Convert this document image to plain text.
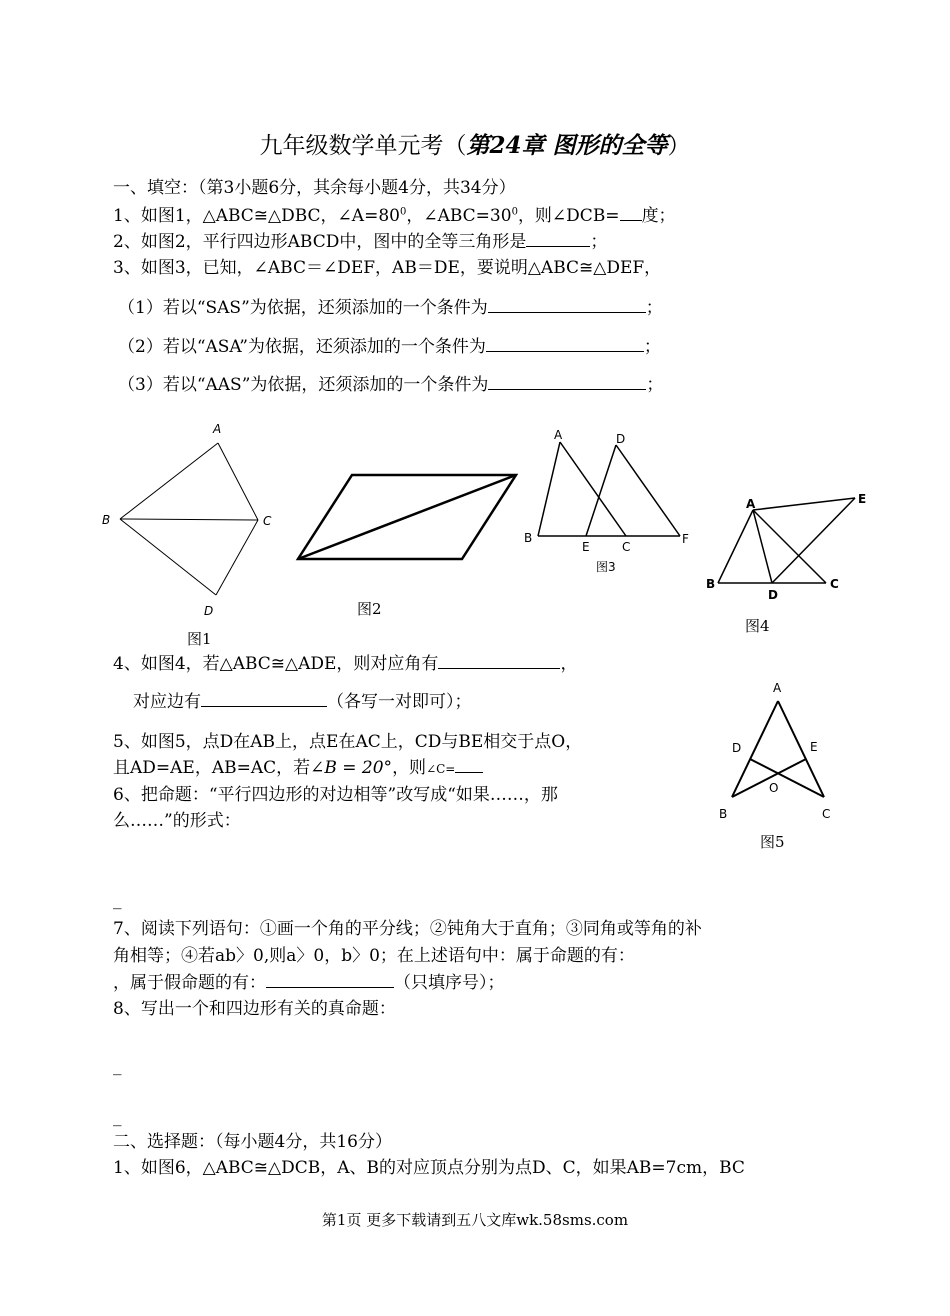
九年级数学单元考（第24章 图形的全等）
一、填空：（第3小题6分，其余每小题4分，共34分）
1、如图1，△ABC≅△DBC，$\angle A=80^0$，$\angle ABC=30^0$，则∠DCB= 度；
2、如图2，平行四边形ABCD中，图中的全等三角形是	；
3、如图3，已知，∠ABC＝∠DEF，AB＝DE，要说明△ABC≅△DEF，
（1）若以“SAS”为依据，还须添加的一个条件为	；
（2）若以“ASA”为依据，还须添加的一个条件为	；
（3）若以“AAS”为依据，还须添加的一个条件为	；
A
B	C
D
图1
图2
A	D
B
E	C
F
图3
A	E
B
D
C
图4
4、如图4，若△ABC≅△ADE，则对应角有	，
对应边有	（各写一对即可）；
A
D	E
O
B	C
图5
5、如图5，点D在AB上，点E在AC上，CD与BE相交于点O，
且AD=AE，AB=AC，若∠B = 20°，则∠C=
6、把命题：“平行四边形的对边相等”改写成“如果……，那
么……”的形式：
_
7、阅读下列语句：①画一个角的平分线；②钝角大于直角；③同角或等角的补
角相等；④若ab〉0,则a〉0，b〉0；在上述语句中：属于命题的有：
，属于假命题的有：	（只填序号）；
8、写出一个和四边形有关的真命题：
_
_
二、选择题：（每小题4分，共16分）
1、如图6，△ABC≅△DCB，A、B的对应顶点分别为点D、C，如果AB=7cm，BC
第1页 更多下载请到五八文库wk.58sms.com
